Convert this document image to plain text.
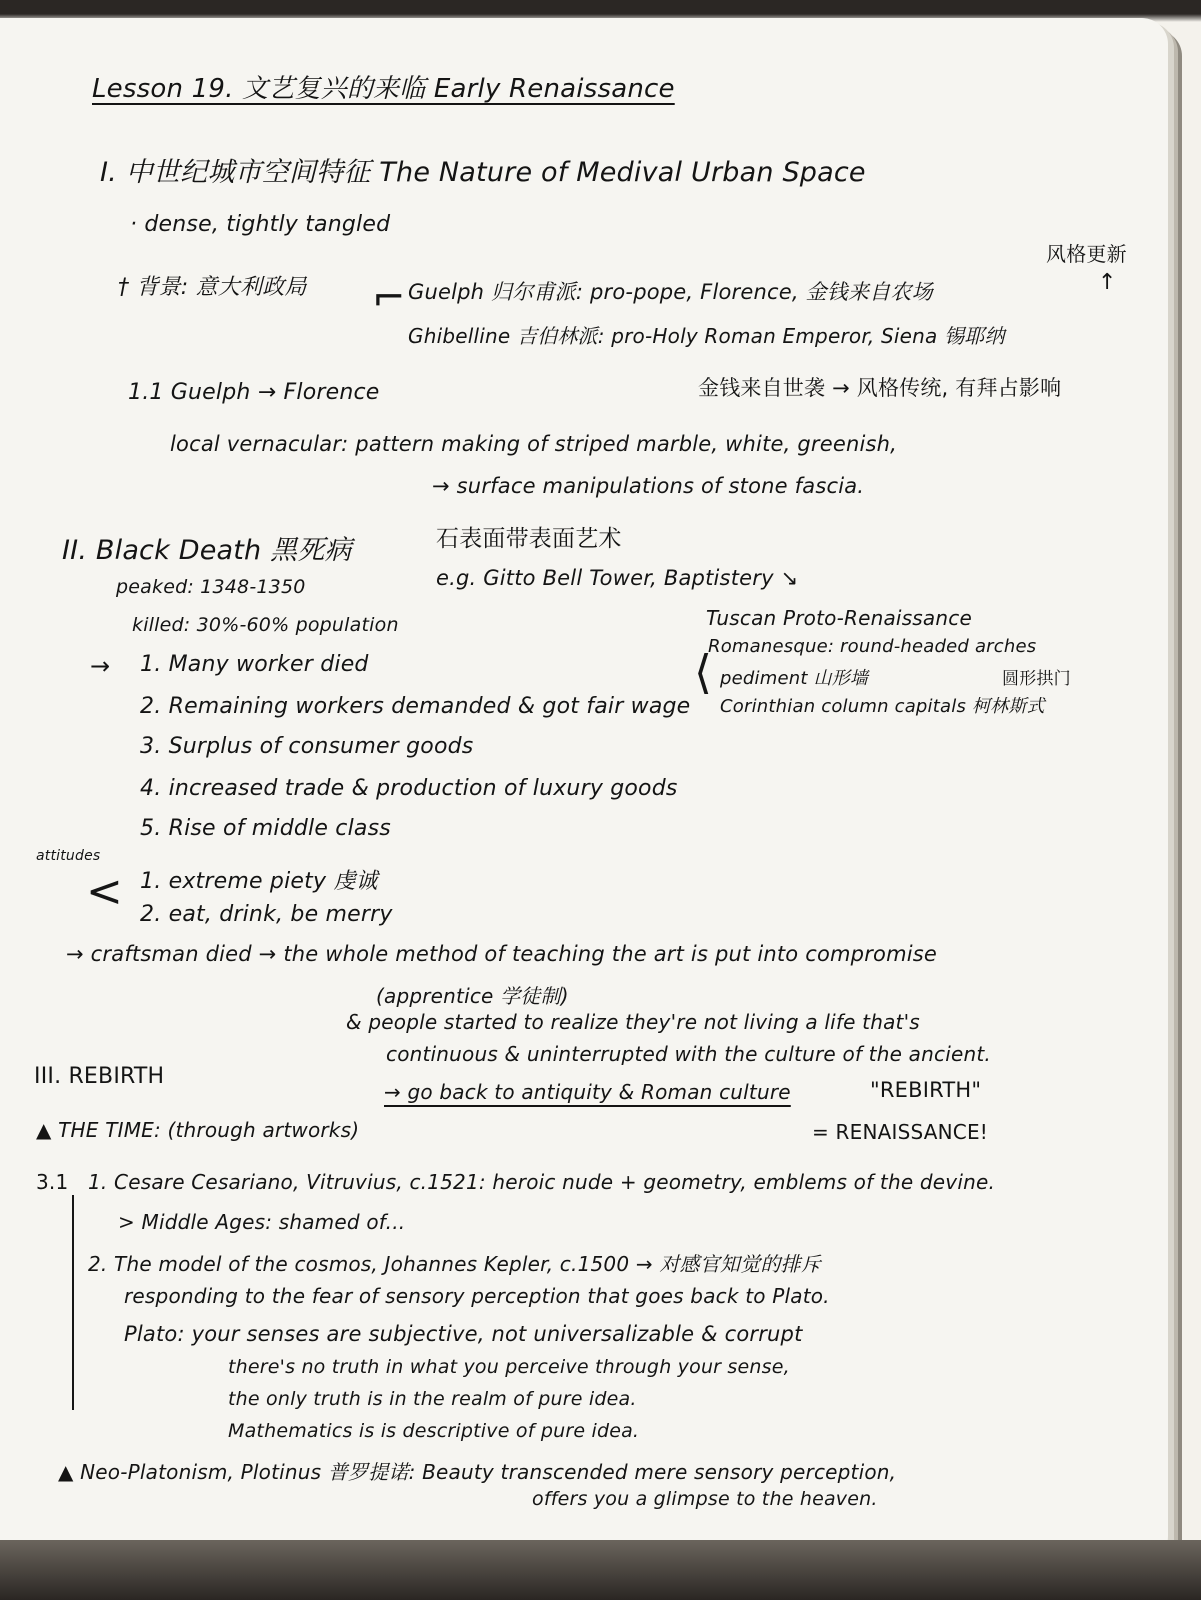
Lesson 19. 文艺复兴的来临 Early Renaissance
I. 中世纪城市空间特征 The Nature of Medival Urban Space
· dense, tightly tangled
风格更新
† 背景: 意大利政局 ⌐ Guelph 归尔甫派: pro-pope, Florence, 金钱来自农场	↑
Ghibelline 吉伯林派: pro-Holy Roman Emperor, Siena 锡耶纳
金钱来自世袭 → 风格传统, 有拜占影响
1.1 Guelph → Florence
local vernacular: pattern making of striped marble, white, greenish,
→ surface manipulations of stone fascia.
石表面带表面艺术
e.g. Gitto Bell Tower, Baptistery ↘
Tuscan Proto-Renaissance
Romanesque: round-headed arches
pediment 山形墙	圆形拱门
Corinthian column capitals 柯林斯式
⟨
II. Black Death 黑死病
peaked: 1348-1350
killed: 30%-60% population
→ 1. Many worker died
2. Remaining workers demanded & got fair wage
3. Surplus of consumer goods
4. increased trade & production of luxury goods
5. Rise of middle class
attitudes
< 1. extreme piety 虔诚
2. eat, drink, be merry
→ craftsman died → the whole method of teaching the art is put into compromise
(apprentice 学徒制)
& people started to realize they're not living a life that's
continuous & uninterrupted with the culture of the ancient.
→ go back to antiquity & Roman culture	"REBIRTH"
= RENAISSANCE!
III. REBIRTH
▲ THE TIME: (through artworks)
3.1 1. Cesare Cesariano, Vitruvius, c.1521: heroic nude + geometry, emblems of the devine.
> Middle Ages: shamed of...
2. The model of the cosmos, Johannes Kepler, c.1500 → 对感官知觉的排斥
responding to the fear of sensory perception that goes back to Plato.
Plato: your senses are subjective, not universalizable & corrupt
there's no truth in what you perceive through your sense,
the only truth is in the realm of pure idea.
Mathematics is is descriptive of pure idea.
▲ Neo-Platonism, Plotinus 普罗提诺: Beauty transcended mere sensory perception,
offers you a glimpse to the heaven.
